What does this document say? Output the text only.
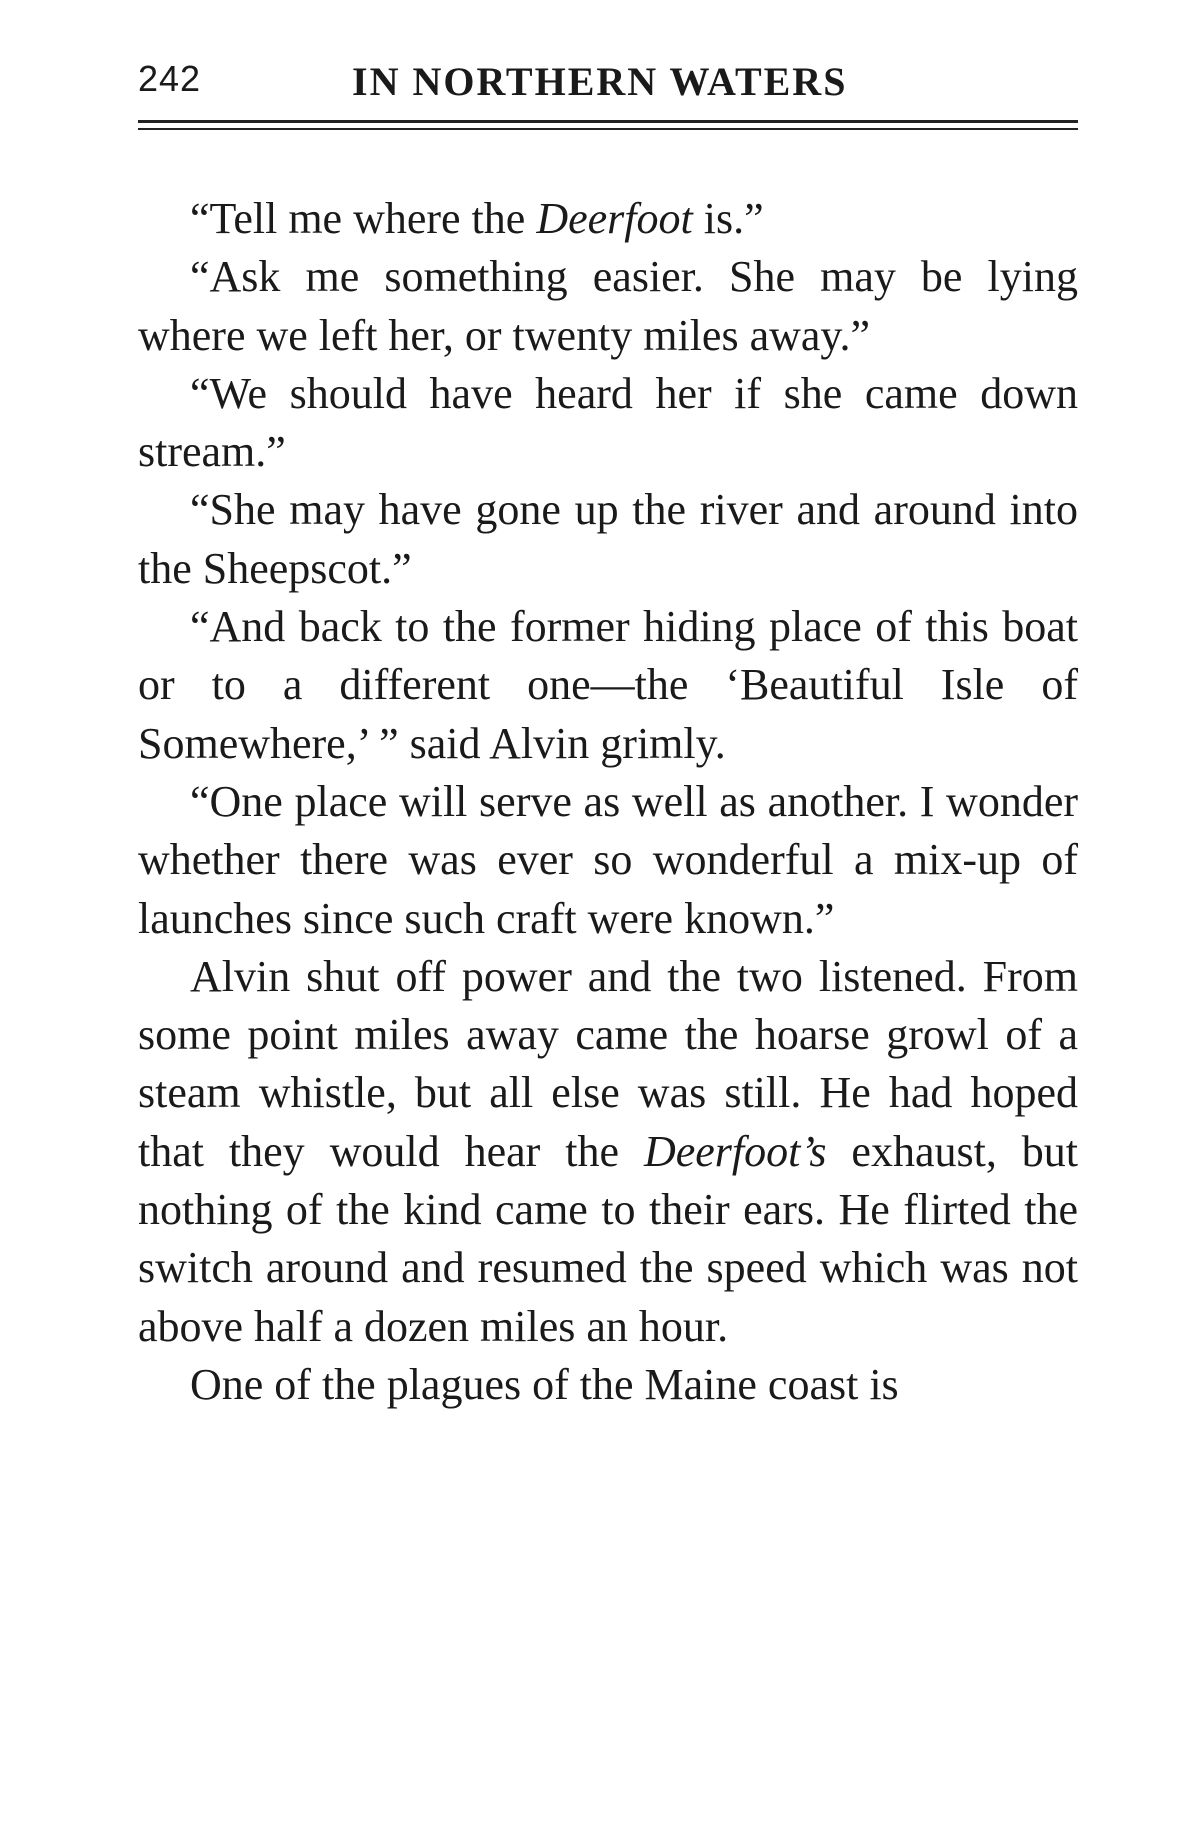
242	IN NORTHERN WATERS

“Tell me where the Deerfoot is.”

“Ask me something easier. She may be lying where we left her, or twenty miles away.”

“We should have heard her if she came down stream.”

“She may have gone up the river and around into the Sheepscot.”

“And back to the former hiding place of this boat or to a different one—the ‘Beautiful Isle of Somewhere,’ ” said Alvin grimly.

“One place will serve as well as another. I wonder whether there was ever so wonderful a mix-up of launches since such craft were known.”

Alvin shut off power and the two listened. From some point miles away came the hoarse growl of a steam whistle, but all else was still. He had hoped that they would hear the Deerfoot’s exhaust, but nothing of the kind came to their ears. He flirted the switch around and resumed the speed which was not above half a dozen miles an hour.

One of the plagues of the Maine coast is
